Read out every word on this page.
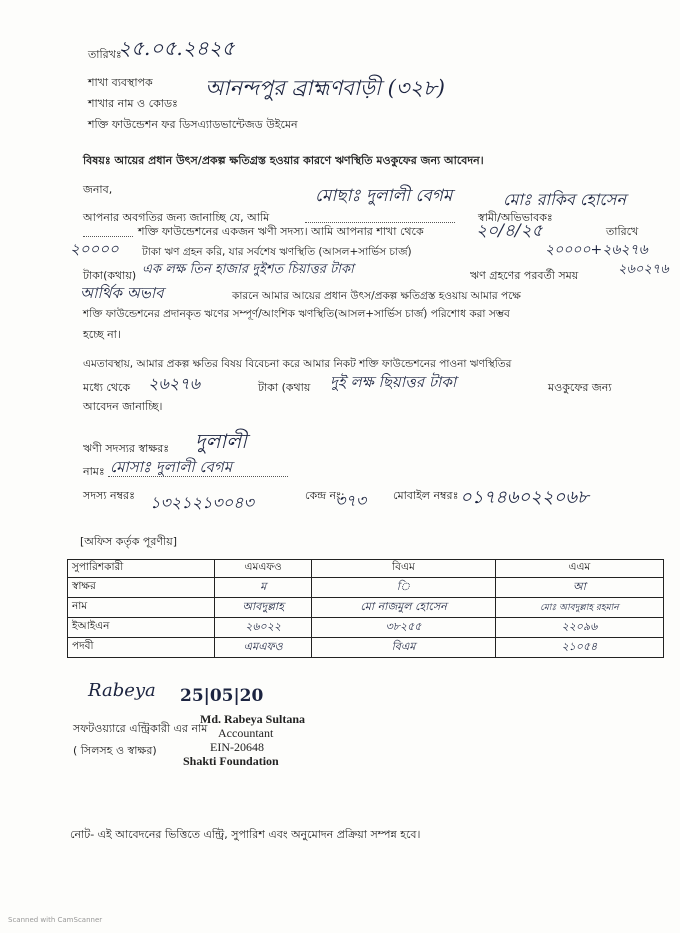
তারিখঃ
২৫.০৫.২৪২৫
শাখা ব্যবস্থাপক
শাখার নাম ও কোডঃ
আনন্দপুর ব্রাহ্মণবাড়ী (৩২৮)
শক্তি ফাউন্ডেশন ফর ডিসএ্যাডভান্টেজড উইমেন
বিষয়ঃ আয়ের প্রধান উৎস/প্রকল্প ক্ষতিগ্রস্ত হওয়ার কারণে ঋণস্থিতি মওকুফের জন্য আবেদন।
জনাব,
আপনার অবগতির জন্য জানাচ্ছি যে, আমি
মোছাঃ দুলালী বেগম
স্বামী/অভিভাবকঃ
মোঃ রাকিব হোসেন
শক্তি ফাউন্ডেশনের একজন ঋণী সদস্য। আমি আপনার শাখা থেকে	২০/৪/২৫	তারিখে
২০০০০ টাকা ঋণ গ্রহন করি, যার সর্বশেষ ঋণস্থিতি (আসল+সার্ভিস চার্জ)	২০০০০+২৬২৭৬
টাকা(কথায়) এক লক্ষ তিন হাজার দুইশত চিয়াত্তর টাকা	ঋণ গ্রহণের পরবর্তী সময়	২৬০২৭৬
আর্থিক অভাব	কারনে আমার আয়ের প্রধান উৎস/প্রকল্প ক্ষতিগ্রস্ত হওয়ায় আমার পক্ষে
শক্তি ফাউন্ডেশনের প্রদানকৃত ঋণের সম্পূর্ণ/আংশিক ঋণস্থিতি(আসল+সার্ভিস চার্জ) পরিশোধ করা সম্ভব
হচ্ছে না।
এমতাবস্থায়, আমার প্রকল্প ক্ষতির বিষয় বিবেচনা করে আমার নিকট শক্তি ফাউন্ডেশনের পাওনা ঋণস্থিতির
মধ্যে থেকে ২৬২৭৬	টাকা (কথায় দুই লক্ষ ছিয়াত্তর টাকা	মওকুফের জন্য
আবেদন জানাচ্ছি।
ঋণী সদস্যর স্বাক্ষরঃ দুলালী
নামঃ মোসাঃ দুলালী বেগম
সদস্য নম্বরঃ ১৩২১২১৩০৪৩	কেন্দ্র নং:
৩৭৩ মোবাইল নম্বরঃ ০১৭৪৬০২২০৬৮
[অফিস কর্তৃক পূরণীয়]
সুপারিশকারী	এমএফও	বিএম	এএম
স্বাক্ষর	ম	ি	আ
নাম	আবদুল্লাহ	মো নাজমুল হোসেন	মোঃ আবদুল্লাহ রহমান
ইআইএন	২৬০২২	৩৮২৫৫	২২০৯৬
পদবী	এমএফও	বিএম	২১০৫৪
Rabeya 25|05|20
সফটওয়্যারে এন্ট্রিকারী এর নাম
( সিলসহ ও স্বাক্ষর)
Md. Rabeya Sultana
Accountant
EIN-20648
Shakti Foundation
নোট- এই আবেদনের ভিত্তিতে এন্ট্রি, সুপারিশ এবং অনুমোদন প্রক্রিয়া সম্পন্ন হবে।
Scanned with CamScanner
